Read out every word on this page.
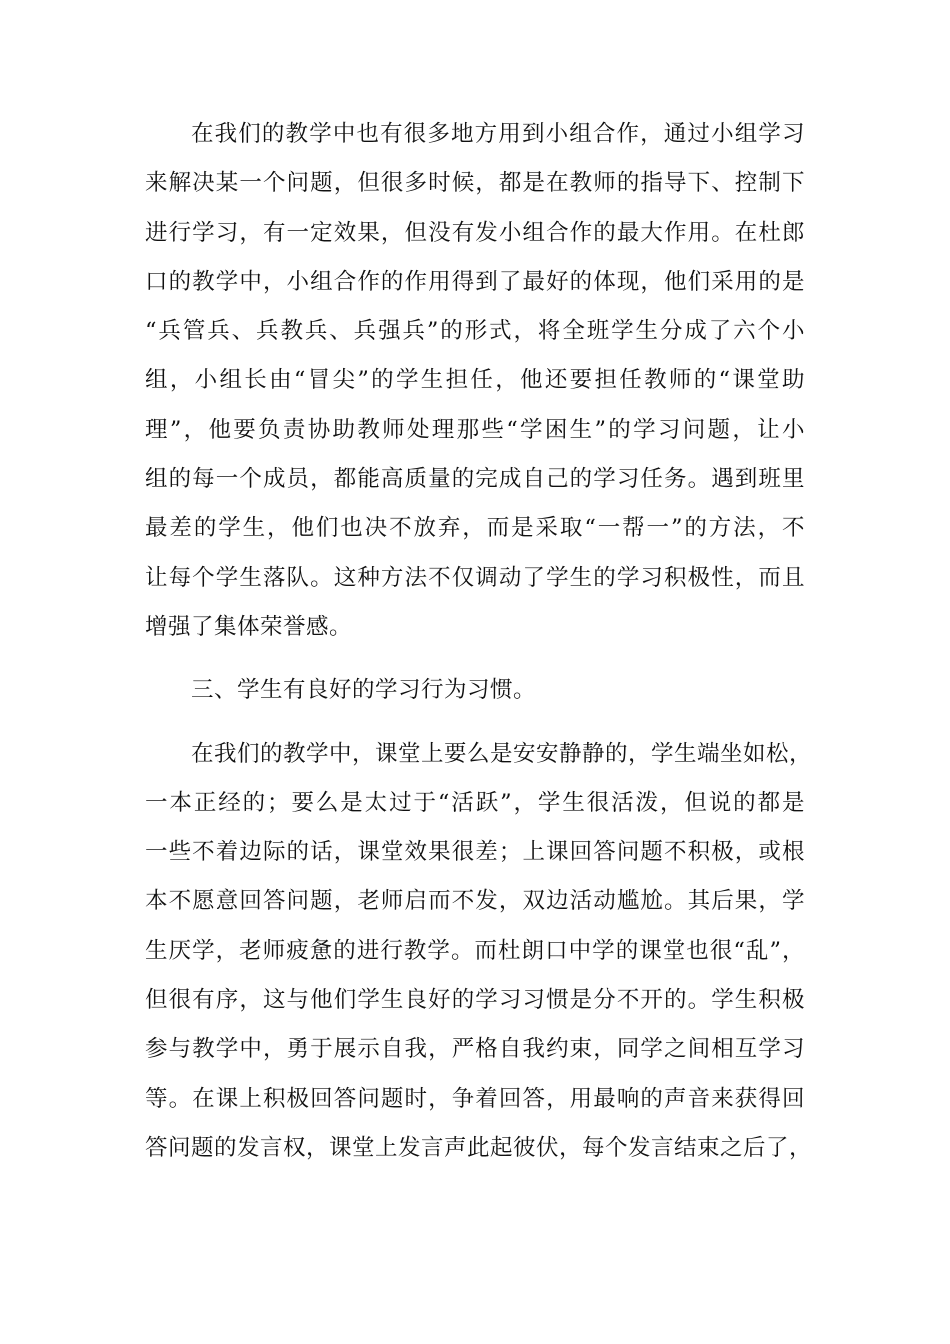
在我们的教学中也有很多地方用到小组合作，通过小组学习
来解决某一个问题，但很多时候，都是在教师的指导下、控制下
进行学习，有一定效果，但没有发小组合作的最大作用。在杜郎
口的教学中，小组合作的作用得到了最好的体现，他们采用的是
“兵管兵、兵教兵、兵强兵”的形式，将全班学生分成了六个小
组，小组长由“冒尖”的学生担任，他还要担任教师的“课堂助
理”，他要负责协助教师处理那些“学困生”的学习问题，让小
组的每一个成员，都能高质量的完成自己的学习任务。遇到班里
最差的学生，他们也决不放弃，而是采取“一帮一”的方法，不
让每个学生落队。这种方法不仅调动了学生的学习积极性，而且
增强了集体荣誉感。
三、学生有良好的学习行为习惯。
在我们的教学中，课堂上要么是安安静静的，学生端坐如松，
一本正经的；要么是太过于“活跃”，学生很活泼，但说的都是
一些不着边际的话，课堂效果很差；上课回答问题不积极，或根
本不愿意回答问题，老师启而不发，双边活动尴尬。其后果，学
生厌学，老师疲惫的进行教学。而杜朗口中学的课堂也很“乱”，
但很有序，这与他们学生良好的学习习惯是分不开的。学生积极
参与教学中，勇于展示自我，严格自我约束，同学之间相互学习
等。在课上积极回答问题时，争着回答，用最响的声音来获得回
答问题的发言权，课堂上发言声此起彼伏，每个发言结束之后了，
